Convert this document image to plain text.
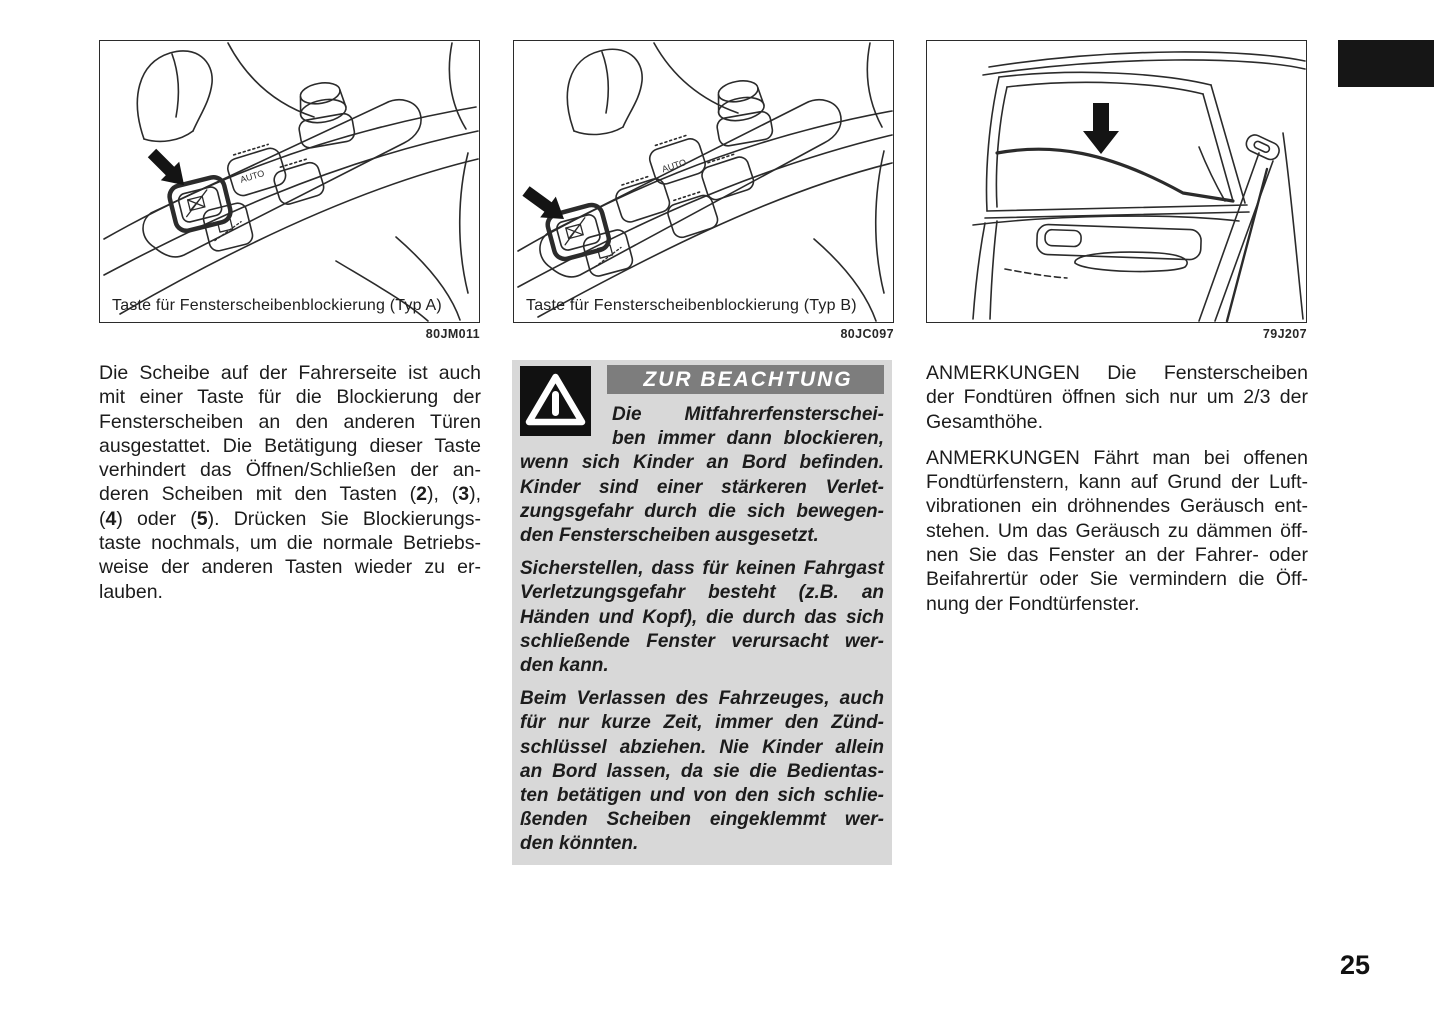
AUTO
Taste für Fensterscheibenblockierung (Typ A)
80JM011
AUTO
Taste für Fensterscheibenblockierung (Typ B)
80JC097	79J207
Die Scheibe auf der Fahrerseite ist auch
mit einer Taste für die Blockierung der
Fensterscheiben an den anderen Türen
ausgestattet. Die Betätigung dieser Taste
verhindert das Öffnen/Schließen der an-
deren Scheiben mit den Tasten (2), (3),
(4) oder (5). Drücken Sie Blockierungs-
taste nochmals, um die normale Betriebs-
weise der anderen Tasten wieder zu er-
lauben.
ZUR BEACHTUNG
Die Mitfahrerfensterschei-
ben immer dann blockieren,
wenn sich Kinder an Bord befinden.
Kinder sind einer stärkeren Verlet-
zungsgefahr durch die sich bewegen-
den Fensterscheiben ausgesetzt.
Sicherstellen, dass für keinen Fahrgast
Verletzungsgefahr besteht (z.B. an
Händen und Kopf), die durch das sich
schließende Fenster verursacht wer-
den kann.
Beim Verlassen des Fahrzeuges, auch
für nur kurze Zeit, immer den Zünd-
schlüssel abziehen. Nie Kinder allein
an Bord lassen, da sie die Bedientas-
ten betätigen und von den sich schlie-
ßenden Scheiben eingeklemmt wer-
den könnten.
ANMERKUNGEN Die Fensterscheiben
der Fondtüren öffnen sich nur um 2/3 der
Gesamthöhe.
ANMERKUNGEN Fährt man bei offenen
Fondtürfenstern, kann auf Grund der Luft-
vibrationen ein dröhnendes Geräusch ent-
stehen. Um das Geräusch zu dämmen öff-
nen Sie das Fenster an der Fahrer- oder
Beifahrertür oder Sie vermindern die Öff-
nung der Fondtürfenster.
25
